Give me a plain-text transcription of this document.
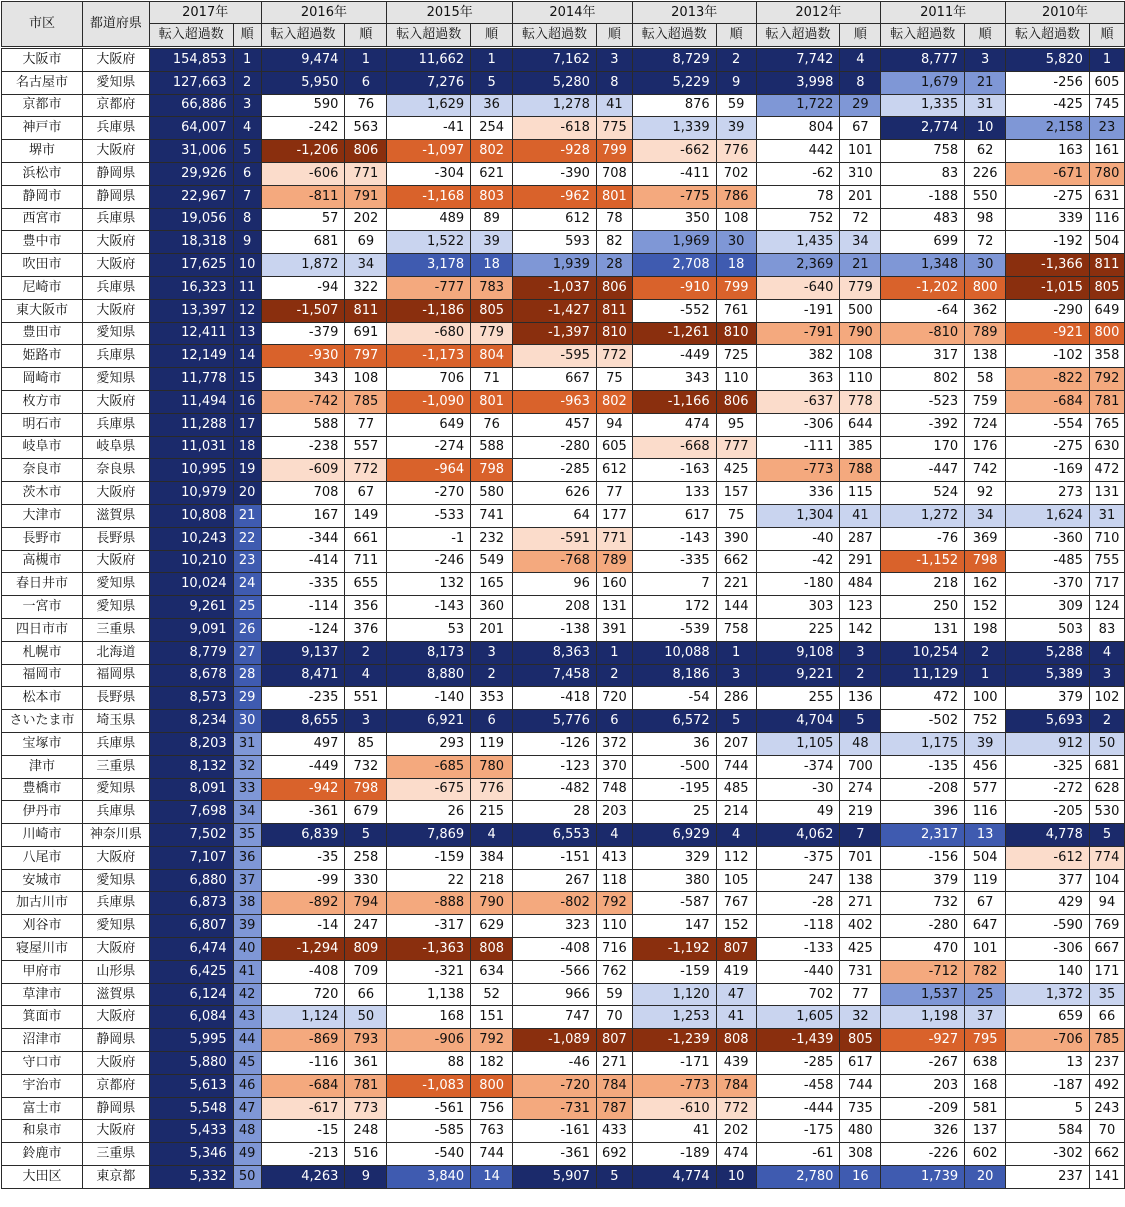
市区	都道府県	2017年		2016年		2015年		2014年		2013年		2012年		2011年		2010年	
		転入超過数	順	転入超過数	順	転入超過数	順	転入超過数	順	転入超過数	順	転入超過数	順	転入超過数	順	転入超過数	順

大阪市	大阪府	154,853	1	9,474	1	11,662	1	7,162	3	8,729	2	7,742	4	8,777	3	5,820	1
名古屋市	愛知県	127,663	2	5,950	6	7,276	5	5,280	8	5,229	9	3,998	8	1,679	21	-256	605
京都市	京都府	66,886	3	590	76	1,629	36	1,278	41	876	59	1,722	29	1,335	31	-425	745
神戸市	兵庫県	64,007	4	-242	563	-41	254	-618	775	1,339	39	804	67	2,774	10	2,158	23
堺市	大阪府	31,006	5	-1,206	806	-1,097	802	-928	799	-662	776	442	101	758	62	163	161
浜松市	静岡県	29,926	6	-606	771	-304	621	-390	708	-411	702	-62	310	83	226	-671	780
静岡市	静岡県	22,967	7	-811	791	-1,168	803	-962	801	-775	786	78	201	-188	550	-275	631
西宮市	兵庫県	19,056	8	57	202	489	89	612	78	350	108	752	72	483	98	339	116
豊中市	大阪府	18,318	9	681	69	1,522	39	593	82	1,969	30	1,435	34	699	72	-192	504
吹田市	大阪府	17,625	10	1,872	34	3,178	18	1,939	28	2,708	18	2,369	21	1,348	30	-1,366	811
尼崎市	兵庫県	16,323	11	-94	322	-777	783	-1,037	806	-910	799	-640	779	-1,202	800	-1,015	805
東大阪市	大阪府	13,397	12	-1,507	811	-1,186	805	-1,427	811	-552	761	-191	500	-64	362	-290	649
豊田市	愛知県	12,411	13	-379	691	-680	779	-1,397	810	-1,261	810	-791	790	-810	789	-921	800
姫路市	兵庫県	12,149	14	-930	797	-1,173	804	-595	772	-449	725	382	108	317	138	-102	358
岡崎市	愛知県	11,778	15	343	108	706	71	667	75	343	110	363	110	802	58	-822	792
枚方市	大阪府	11,494	16	-742	785	-1,090	801	-963	802	-1,166	806	-637	778	-523	759	-684	781
明石市	兵庫県	11,288	17	588	77	649	76	457	94	474	95	-306	644	-392	724	-554	765
岐阜市	岐阜県	11,031	18	-238	557	-274	588	-280	605	-668	777	-111	385	170	176	-275	630
奈良市	奈良県	10,995	19	-609	772	-964	798	-285	612	-163	425	-773	788	-447	742	-169	472
茨木市	大阪府	10,979	20	708	67	-270	580	626	77	133	157	336	115	524	92	273	131
大津市	滋賀県	10,808	21	167	149	-533	741	64	177	617	75	1,304	41	1,272	34	1,624	31
長野市	長野県	10,243	22	-344	661	-1	232	-591	771	-143	390	-40	287	-76	369	-360	710
高槻市	大阪府	10,210	23	-414	711	-246	549	-768	789	-335	662	-42	291	-1,152	798	-485	755
春日井市	愛知県	10,024	24	-335	655	132	165	96	160	7	221	-180	484	218	162	-370	717
一宮市	愛知県	9,261	25	-114	356	-143	360	208	131	172	144	303	123	250	152	309	124
四日市市	三重県	9,091	26	-124	376	53	201	-138	391	-539	758	225	142	131	198	503	83
札幌市	北海道	8,779	27	9,137	2	8,173	3	8,363	1	10,088	1	9,108	3	10,254	2	5,288	4
福岡市	福岡県	8,678	28	8,471	4	8,880	2	7,458	2	8,186	3	9,221	2	11,129	1	5,389	3
松本市	長野県	8,573	29	-235	551	-140	353	-418	720	-54	286	255	136	472	100	379	102
さいたま市	埼玉県	8,234	30	8,655	3	6,921	6	5,776	6	6,572	5	4,704	5	-502	752	5,693	2
宝塚市	兵庫県	8,203	31	497	85	293	119	-126	372	36	207	1,105	48	1,175	39	912	50
津市	三重県	8,132	32	-449	732	-685	780	-123	370	-500	744	-374	700	-135	456	-325	681
豊橋市	愛知県	8,091	33	-942	798	-675	776	-482	748	-195	485	-30	274	-208	577	-272	628
伊丹市	兵庫県	7,698	34	-361	679	26	215	28	203	25	214	49	219	396	116	-205	530
川崎市	神奈川県	7,502	35	6,839	5	7,869	4	6,553	4	6,929	4	4,062	7	2,317	13	4,778	5
八尾市	大阪府	7,107	36	-35	258	-159	384	-151	413	329	112	-375	701	-156	504	-612	774
安城市	愛知県	6,880	37	-99	330	22	218	267	118	380	105	247	138	379	119	377	104
加古川市	兵庫県	6,873	38	-892	794	-888	790	-802	792	-587	767	-28	271	732	67	429	94
刈谷市	愛知県	6,807	39	-14	247	-317	629	323	110	147	152	-118	402	-280	647	-590	769
寝屋川市	大阪府	6,474	40	-1,294	809	-1,363	808	-408	716	-1,192	807	-133	425	470	101	-306	667
甲府市	山形県	6,425	41	-408	709	-321	634	-566	762	-159	419	-440	731	-712	782	140	171
草津市	滋賀県	6,124	42	720	66	1,138	52	966	59	1,120	47	702	77	1,537	25	1,372	35
箕面市	大阪府	6,084	43	1,124	50	168	151	747	70	1,253	41	1,605	32	1,198	37	659	66
沼津市	静岡県	5,995	44	-869	793	-906	792	-1,089	807	-1,239	808	-1,439	805	-927	795	-706	785
守口市	大阪府	5,880	45	-116	361	88	182	-46	271	-171	439	-285	617	-267	638	13	237
宇治市	京都府	5,613	46	-684	781	-1,083	800	-720	784	-773	784	-458	744	203	168	-187	492
富士市	静岡県	5,548	47	-617	773	-561	756	-731	787	-610	772	-444	735	-209	581	5	243
和泉市	大阪府	5,433	48	-15	248	-585	763	-161	433	41	202	-175	480	326	137	584	70
鈴鹿市	三重県	5,346	49	-213	516	-540	744	-361	692	-189	474	-61	308	-226	602	-302	662
大田区	東京都	5,332	50	4,263	9	3,840	14	5,907	5	4,774	10	2,780	16	1,739	20	237	141
